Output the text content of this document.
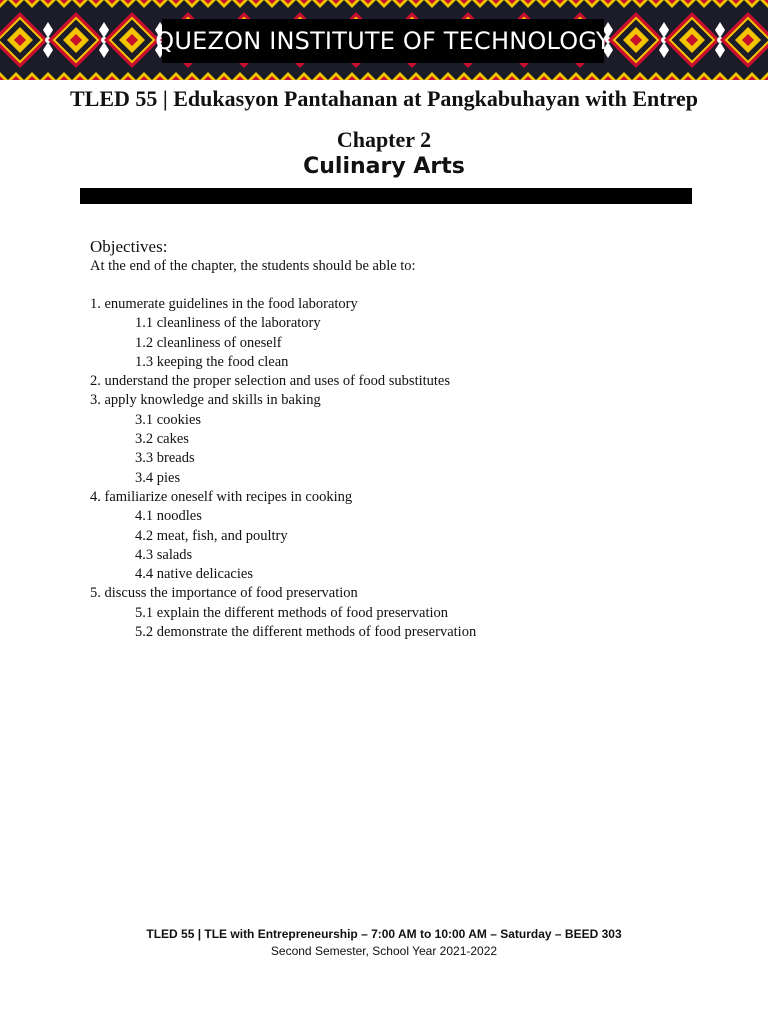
QUEZON INSTITUTE OF TECHNOLOGY
TLED 55 | Edukasyon Pantahanan at Pangkabuhayan with Entrep
Chapter 2
Culinary Arts
Objectives:
At the end of the chapter, the students should be able to:
1. enumerate guidelines in the food laboratory
1.1 cleanliness of the laboratory
1.2 cleanliness of oneself
1.3 keeping the food clean
2. understand the proper selection and uses of food substitutes
3. apply knowledge and skills in baking
3.1 cookies
3.2 cakes
3.3 breads
3.4 pies
4. familiarize oneself with recipes in cooking
4.1 noodles
4.2 meat, fish, and poultry
4.3 salads
4.4 native delicacies
5. discuss the importance of food preservation
5.1 explain the different methods of food preservation
5.2 demonstrate the different methods of food preservation
TLED 55 | TLE with Entrepreneurship – 7:00 AM to 10:00 AM – Saturday – BEED 303
Second Semester, School Year 2021-2022
